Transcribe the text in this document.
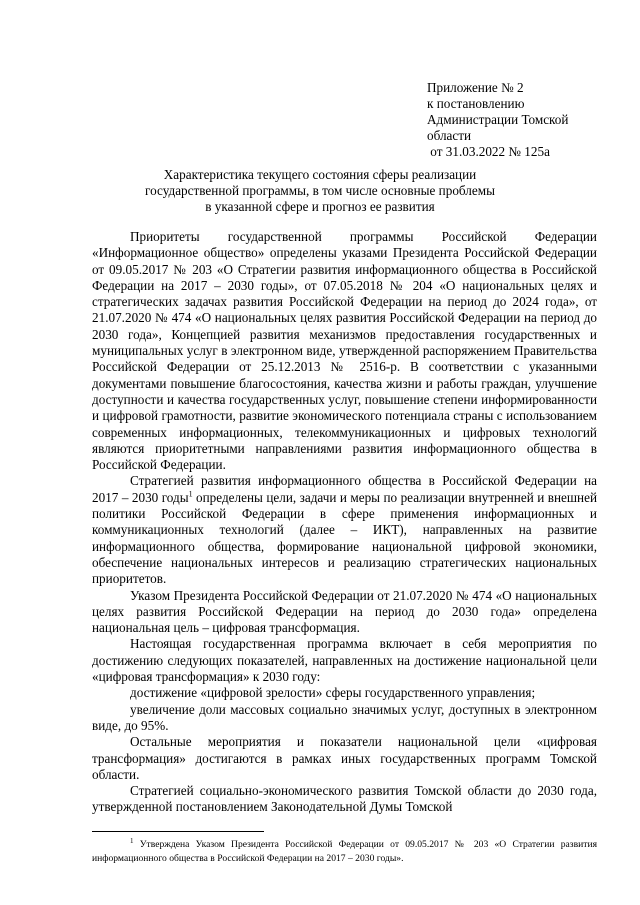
Приложение № 2
к постановлению
Администрации Томской
области
от 31.03.2022 № 125а
Характеристика текущего состояния сферы реализации
государственной программы, в том числе основные проблемы
в указанной сфере и прогноз ее развития

Приоритеты государственной программы Российской Федерации «Информационное общество» определены указами Президента Российской Федерации от 09.05.2017 № 203 «О Стратегии развития информационного общества в Российской Федерации на 2017 – 2030 годы», от 07.05.2018 № 204 «О национальных целях и стратегических задачах развития Российской Федерации на период до 2024 года», от 21.07.2020 № 474 «О национальных целях развития Российской Федерации на период до 2030 года», Концепцией развития механизмов предоставления государственных и муниципальных услуг в электронном виде, утвержденной распоряжением Правительства Российской Федерации от 25.12.2013 № 2516-р. В соответствии с указанными документами повышение благосостояния, качества жизни и работы граждан, улучшение доступности и качества государственных услуг, повышение степени информированности и цифровой грамотности, развитие экономического потенциала страны с использованием современных информационных, телекоммуникационных и цифровых технологий являются приоритетными направлениями развития информационного общества в Российской Федерации.

Стратегией развития информационного общества в Российской Федерации на 2017 – 2030 годы$^1$ определены цели, задачи и меры по реализации внутренней и внешней политики Российской Федерации в сфере применения информационных и коммуникационных технологий (далее – ИКТ), направленных на развитие информационного общества, формирование национальной цифровой экономики, обеспечение национальных интересов и реализацию стратегических национальных приоритетов.

Указом Президента Российской Федерации от 21.07.2020 № 474 «О национальных целях развития Российской Федерации на период до 2030 года» определена национальная цель – цифровая трансформация.

Настоящая государственная программа включает в себя мероприятия по достижению следующих показателей, направленных на достижение национальной цели «цифровая трансформация» к 2030 году:

достижение «цифровой зрелости» сферы государственного управления;

увеличение доли массовых социально значимых услуг, доступных в электронном виде, до 95%.

Остальные мероприятия и показатели национальной цели «цифровая трансформация» достигаются в рамках иных государственных программ Томской области.

Стратегией социально-экономического развития Томской области до 2030 года, утвержденной постановлением Законодательной Думы Томской

$^1$ Утверждена Указом Президента Российской Федерации от 09.05.2017 № 203 «О Стратегии развития информационного общества в Российской Федерации на 2017 – 2030 годы».
